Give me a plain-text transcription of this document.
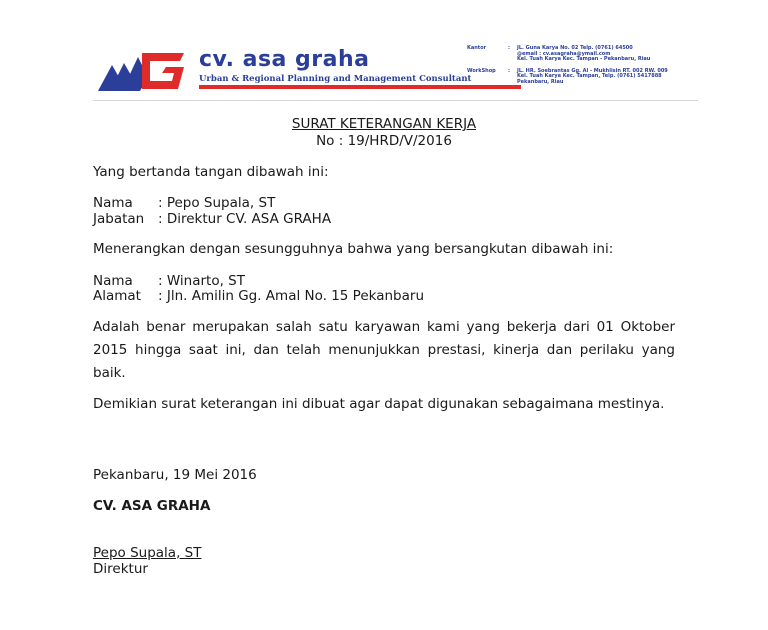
cv. asa graha
Urban & Regional Planning and Management Consultant
Kantor	: JL. Guna Karya No. 02 Telp. (0761) 64500
@email : cv.asagraha@ymail.com
Kel. Tuah Karya Kec. Tampan - Pekanbaru, Riau
WorkShop : JL. HR. Soebrantas Gg. Al - Mukhlisin RT. 002 RW. 009
Kel. Tuah Karya Kec. Tampan, Telp. (0761) 5417888
Pekanbaru, Riau
SURAT KETERANGAN KERJA
No : 19/HRD/V/2016
Yang bertanda tangan dibawah ini:
Nama : Pepo Supala, ST
Jabatan : Direktur CV. ASA GRAHA
Menerangkan dengan sesungguhnya bahwa yang bersangkutan dibawah ini:
Nama : Winarto, ST
Alamat : Jln. Amilin Gg. Amal No. 15 Pekanbaru
Adalah benar merupakan salah satu karyawan kami yang bekerja dari 01 Oktober 2015 hingga saat ini, dan telah menunjukkan prestasi, kinerja dan perilaku yang baik.
Demikian surat keterangan ini dibuat agar dapat digunakan sebagaimana mestinya.
Pekanbaru, 19 Mei 2016
CV. ASA GRAHA
Pepo Supala, ST
Direktur
